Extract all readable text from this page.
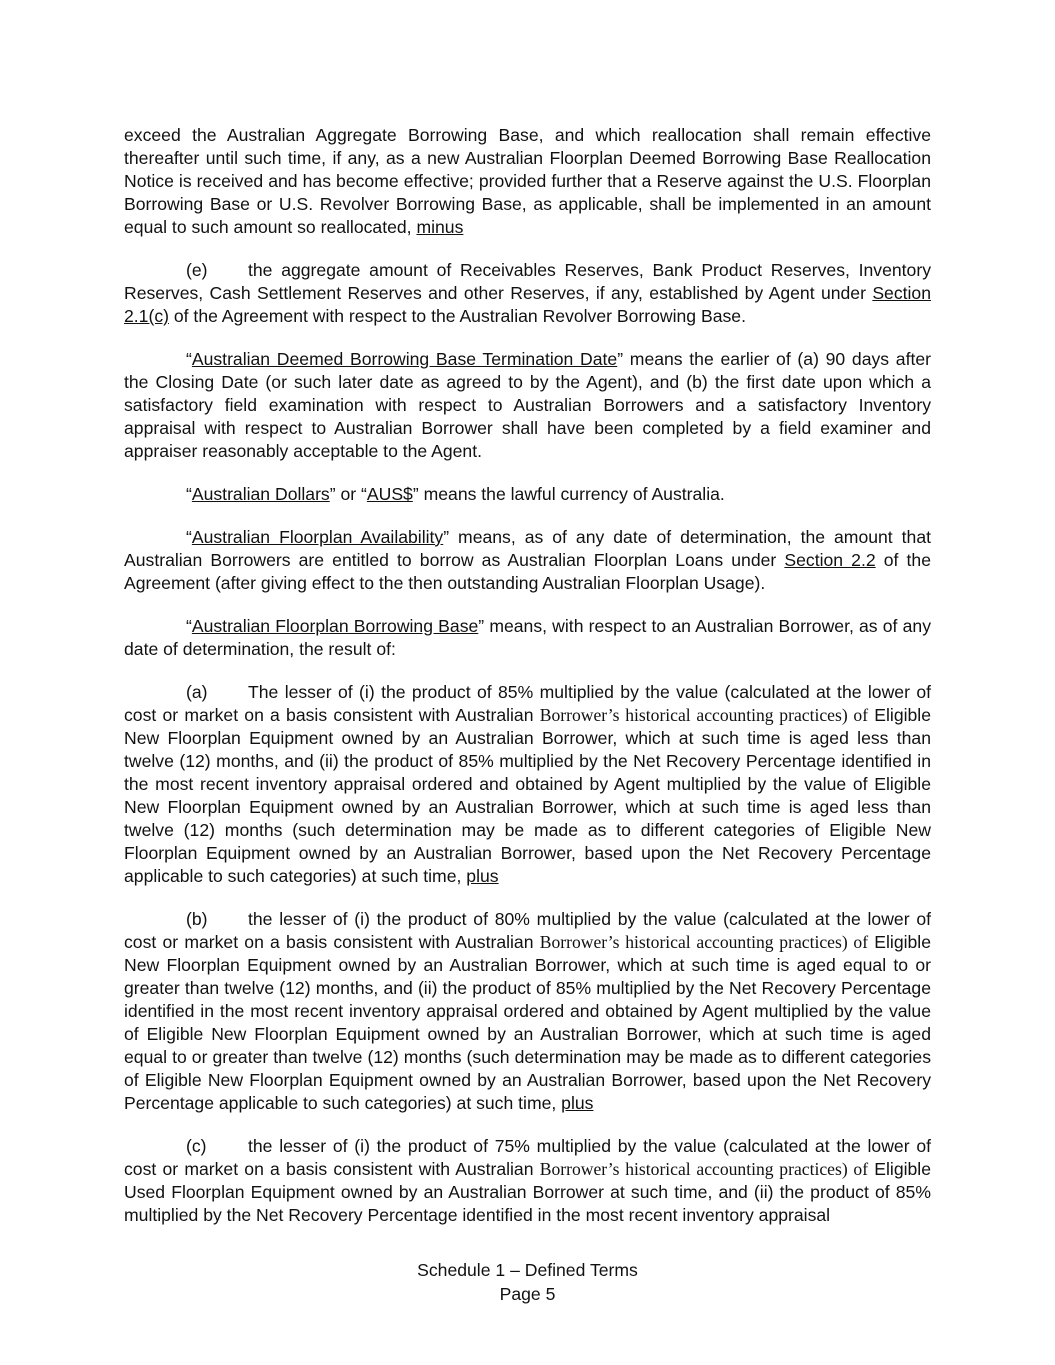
exceed the Australian Aggregate Borrowing Base, and which reallocation shall remain effective thereafter until such time, if any, as a new Australian Floorplan Deemed Borrowing Base Reallocation Notice is received and has become effective; provided further that a Reserve against the U.S. Floorplan Borrowing Base or U.S. Revolver Borrowing Base, as applicable, shall be implemented in an amount equal to such amount so reallocated, minus

(e) the aggregate amount of Receivables Reserves, Bank Product Reserves, Inventory Reserves, Cash Settlement Reserves and other Reserves, if any, established by Agent under Section 2.1(c) of the Agreement with respect to the Australian Revolver Borrowing Base.

“Australian Deemed Borrowing Base Termination Date” means the earlier of (a) 90 days after the Closing Date (or such later date as agreed to by the Agent), and (b) the first date upon which a satisfactory field examination with respect to Australian Borrowers and a satisfactory Inventory appraisal with respect to Australian Borrower shall have been completed by a field examiner and appraiser reasonably acceptable to the Agent.

“Australian Dollars” or “AUS$” means the lawful currency of Australia.

“Australian Floorplan Availability” means, as of any date of determination, the amount that Australian Borrowers are entitled to borrow as Australian Floorplan Loans under Section 2.2 of the Agreement (after giving effect to the then outstanding Australian Floorplan Usage).

“Australian Floorplan Borrowing Base” means, with respect to an Australian Borrower, as of any date of determination, the result of:

(a) The lesser of (i) the product of 85% multiplied by the value (calculated at the lower of cost or market on a basis consistent with Australian Borrower’s historical accounting practices) of Eligible New Floorplan Equipment owned by an Australian Borrower, which at such time is aged less than twelve (12) months, and (ii) the product of 85% multiplied by the Net Recovery Percentage identified in the most recent inventory appraisal ordered and obtained by Agent multiplied by the value of Eligible New Floorplan Equipment owned by an Australian Borrower, which at such time is aged less than twelve (12) months (such determination may be made as to different categories of Eligible New Floorplan Equipment owned by an Australian Borrower, based upon the Net Recovery Percentage applicable to such categories) at such time, plus

(b) the lesser of (i) the product of 80% multiplied by the value (calculated at the lower of cost or market on a basis consistent with Australian Borrower’s historical accounting practices) of Eligible New Floorplan Equipment owned by an Australian Borrower, which at such time is aged equal to or greater than twelve (12) months, and (ii) the product of 85% multiplied by the Net Recovery Percentage identified in the most recent inventory appraisal ordered and obtained by Agent multiplied by the value of Eligible New Floorplan Equipment owned by an Australian Borrower, which at such time is aged equal to or greater than twelve (12) months (such determination may be made as to different categories of Eligible New Floorplan Equipment owned by an Australian Borrower, based upon the Net Recovery Percentage applicable to such categories) at such time, plus

(c) the lesser of (i) the product of 75% multiplied by the value (calculated at the lower of cost or market on a basis consistent with Australian Borrower’s historical accounting practices) of Eligible Used Floorplan Equipment owned by an Australian Borrower at such time, and (ii) the product of 85% multiplied by the Net Recovery Percentage identified in the most recent inventory appraisal

Schedule 1 – Defined Terms
Page 5
